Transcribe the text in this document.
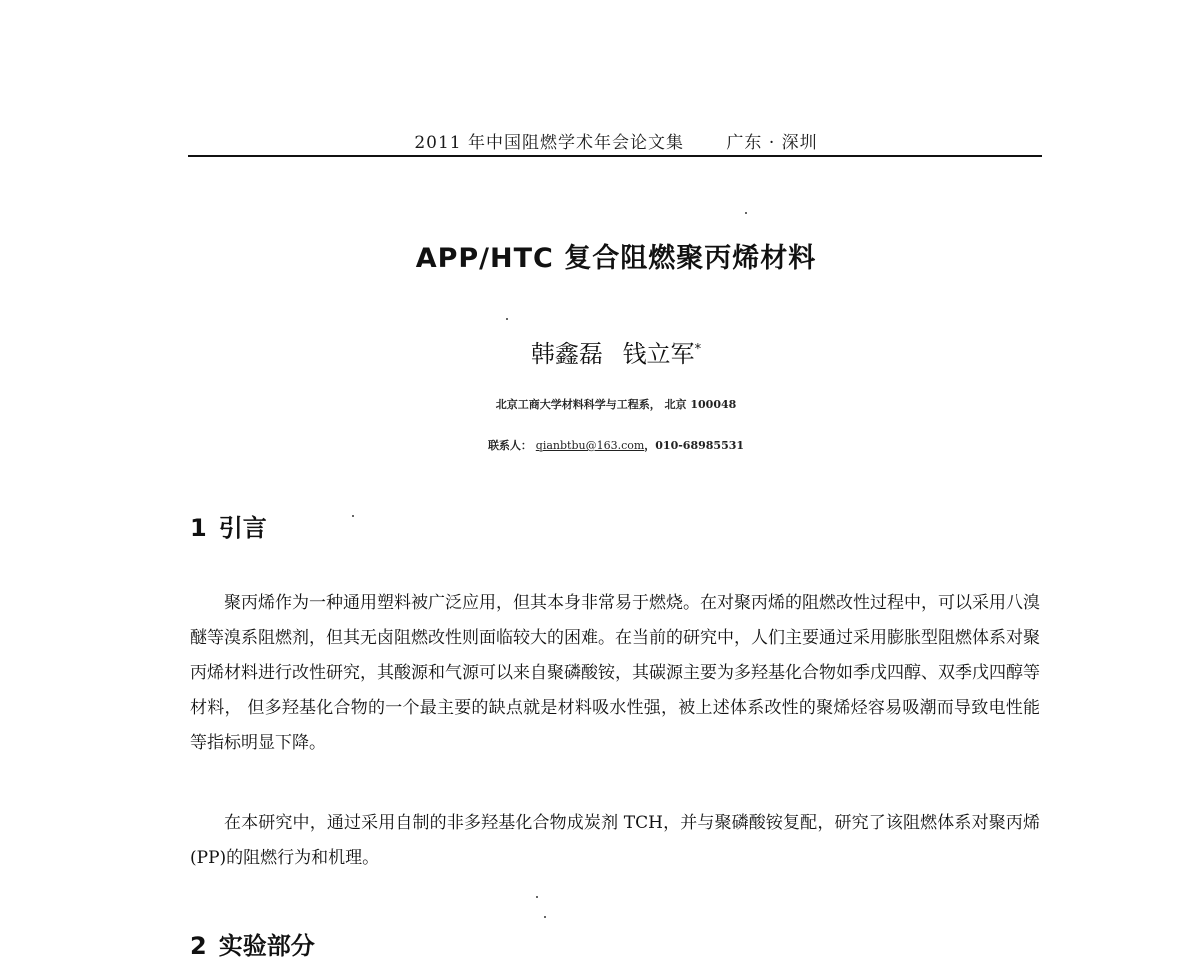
2011 年中国阻燃学术年会论文集 广东 · 深圳
APP/HTC 复合阻燃聚丙烯材料
韩鑫磊 钱立军*
北京工商大学材料科学与工程系， 北京 100048
联系人： qianbtbu@163.com，010-68985531
1 引言

聚丙烯作为一种通用塑料被广泛应用，但其本身非常易于燃烧。在对聚丙烯的阻燃改性过程中，可以采用八溴醚等溴系阻燃剂，但其无卤阻燃改性则面临较大的困难。在当前的研究中，人们主要通过采用膨胀型阻燃体系对聚丙烯材料进行改性研究，其酸源和气源可以来自聚磷酸铵，其碳源主要为多羟基化合物如季戊四醇、双季戊四醇等材料， 但多羟基化合物的一个最主要的缺点就是材料吸水性强，被上述体系改性的聚烯烃容易吸潮而导致电性能等指标明显下降。

在本研究中，通过采用自制的非多羟基化合物成炭剂 TCH，并与聚磷酸铵复配，研究了该阻燃体系对聚丙烯(PP)的阻燃行为和机理。

2 实验部分
